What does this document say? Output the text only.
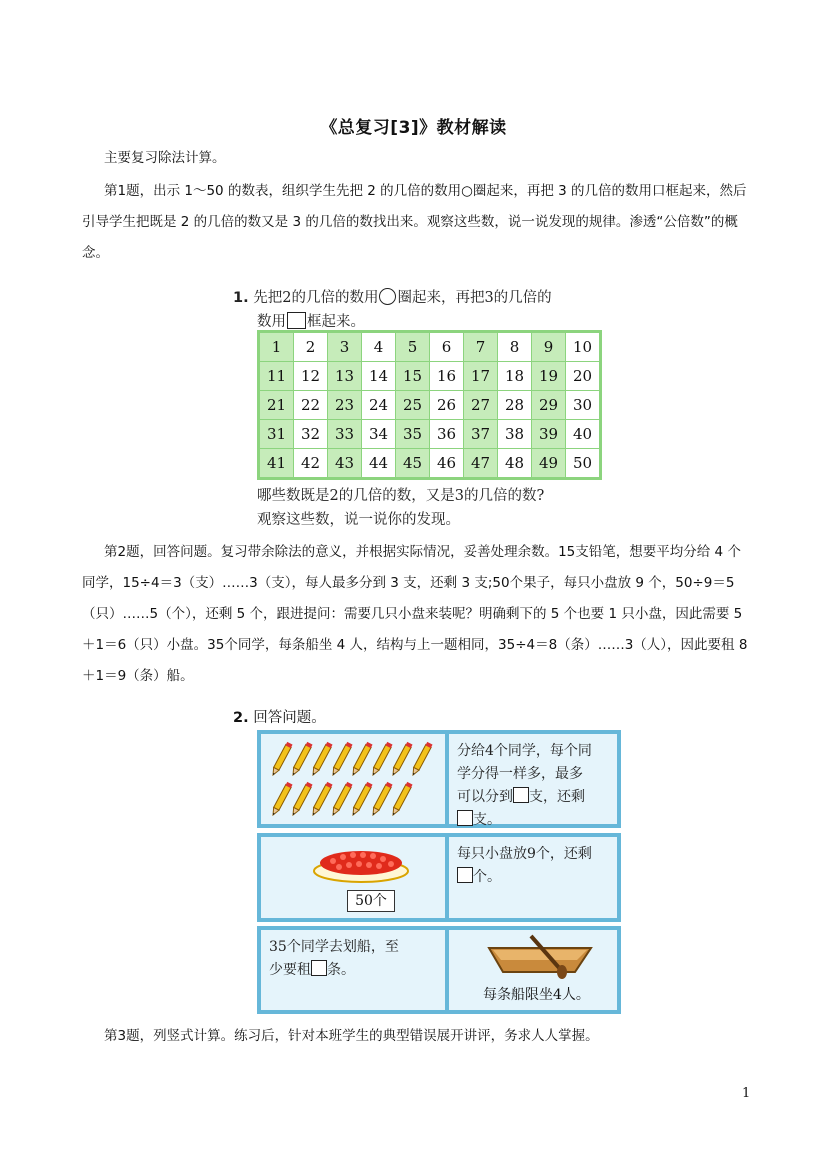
《总复习[3]》教材解读
主要复习除法计算。
第1题，出示 1～50 的数表，组织学生先把 2 的几倍的数用○圈起来，再把 3 的几倍的数用口框起来，然后引导学生把既是 2 的几倍的数又是 3 的几倍的数找出来。观察这些数，说一说发现的规律。渗透“公倍数”的概念。
1. 先把2的几倍的数用 圈起来，再把3的几倍的
数用 框起来。
1	2	3	4	5	6	7	8	9	10
11	12	13	14	15	16	17	18	19	20
21	22	23	24	25	26	27	28	29	30
31	32	33	34	35	36	37	38	39	40
41	42	43	44	45	46	47	48	49	50
哪些数既是2的几倍的数，又是3的几倍的数?
观察这些数，说一说你的发现。
第2题，回答问题。复习带余除法的意义，并根据实际情况，妥善处理余数。15支铅笔，想要平均分给 4 个同学，15÷4＝3（支）……3（支），每人最多分到 3 支，还剩 3 支;50个果子，每只小盘放 9 个，50÷9＝5（只）……5（个），还剩 5 个，跟进提问：需要几只小盘来装呢？明确剩下的 5 个也要 1 只小盘，因此需要 5＋1＝6（只）小盘。35个同学，每条船坐 4 人，结构与上一题相同，35÷4＝8（条）……3（人），因此要租 8＋1＝9（条）船。
2. 回答问题。
分给4个同学，每个同
学分得一样多，最多
可以分到 支，还剩
支。
50个
每只小盘放9个，还剩
个。
35个同学去划船，至
少要租 条。
每条船限坐4人。
第3题，列竖式计算。练习后，针对本班学生的典型错误展开讲评，务求人人掌握。
1
